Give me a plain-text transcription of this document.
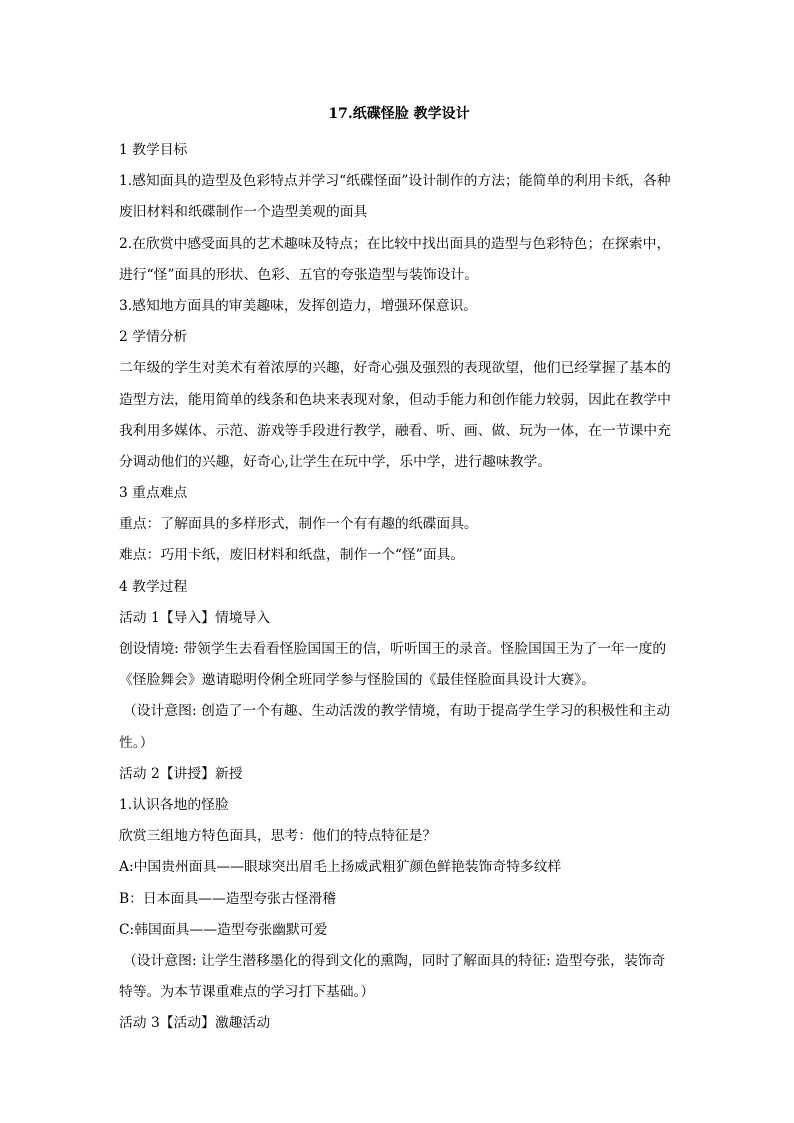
17.纸碟怪脸 教学设计
1 教学目标
1.感知面具的造型及色彩特点并学习“纸碟怪面”设计制作的方法；能简单的利用卡纸，各种
废旧材料和纸碟制作一个造型美观的面具
2.在欣赏中感受面具的艺术趣味及特点；在比较中找出面具的造型与色彩特色；在探索中，
进行“怪”面具的形状、色彩、五官的夸张造型与装饰设计。
3.感知地方面具的审美趣味，发挥创造力，增强环保意识。
2 学情分析
二年级的学生对美术有着浓厚的兴趣，好奇心强及强烈的表现欲望，他们已经掌握了基本的
造型方法，能用简单的线条和色块来表现对象，但动手能力和创作能力较弱，因此在教学中
我利用多媒体、示范、游戏等手段进行教学，融看、听、画、做、玩为一体，在一节课中充
分调动他们的兴趣，好奇心,让学生在玩中学，乐中学，进行趣味教学。
3 重点难点
重点：了解面具的多样形式，制作一个有有趣的纸碟面具。
难点：巧用卡纸，废旧材料和纸盘，制作一个“怪”面具。
4 教学过程
活动 1【导入】情境导入
创设情境: 带领学生去看看怪脸国国王的信，听听国王的录音。怪脸国国王为了一年一度的
《怪脸舞会》邀请聪明伶俐全班同学参与怪脸国的《最佳怪脸面具设计大赛》。
（设计意图: 创造了一个有趣、生动活泼的教学情境，有助于提高学生学习的积极性和主动
性。）
活动 2【讲授】新授
1.认识各地的怪脸
欣赏三组地方特色面具，思考：他们的特点特征是？
A:中国贵州面具——眼球突出眉毛上扬威武粗犷颜色鲜艳装饰奇特多纹样
B：日本面具——造型夸张古怪滑稽
C:韩国面具——造型夸张幽默可爱
（设计意图: 让学生潜移墨化的得到文化的熏陶，同时了解面具的特征: 造型夸张，装饰奇
特等。为本节课重难点的学习打下基础。）
活动 3【活动】激趣活动
